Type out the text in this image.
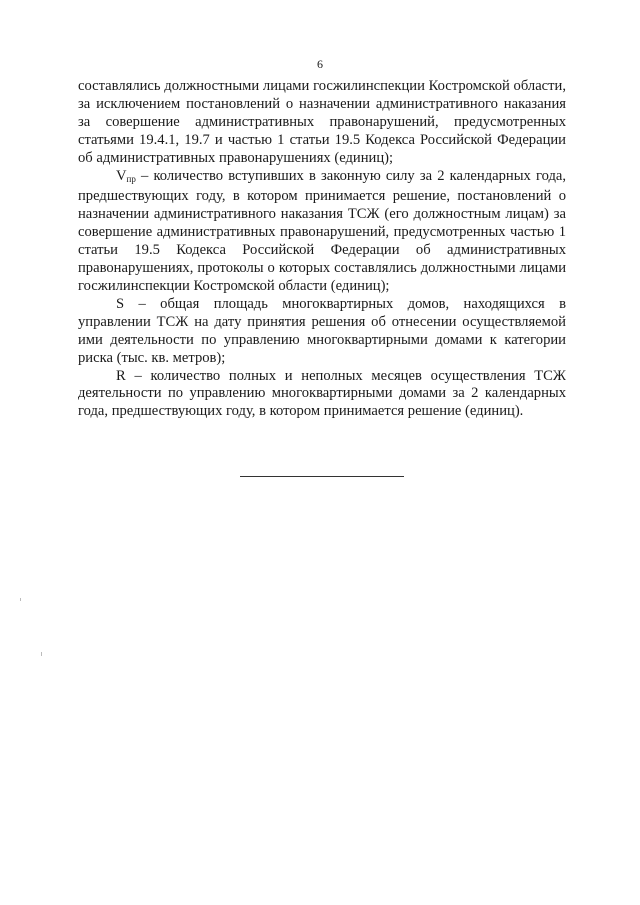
6

составлялись должностными лицами госжилинспекции Костромской области, за исключением постановлений о назначении административного наказания за совершение административных правонарушений, предусмотренных статьями 19.4.1, 19.7 и частью 1 статьи 19.5 Кодекса Российской Федерации об административных правонарушениях (единиц);

$V_{пр}$ – количество вступивших в законную силу за 2 календарных года, предшествующих году, в котором принимается решение, постановлений о назначении административного наказания ТСЖ (его должностным лицам) за совершение административных правонарушений, предусмотренных частью 1 статьи 19.5 Кодекса Российской Федерации об административных правонарушениях, протоколы о которых составлялись должностными лицами госжилинспекции Костромской области (единиц);

S – общая площадь многоквартирных домов, находящихся в управлении ТСЖ на дату принятия решения об отнесении осуществляемой ими деятельности по управлению многоквартирными домами к категории риска (тыс. кв. метров);

R – количество полных и неполных месяцев осуществления ТСЖ деятельности по управлению многоквартирными домами за 2 календарных года, предшествующих году, в котором принимается решение (единиц).
